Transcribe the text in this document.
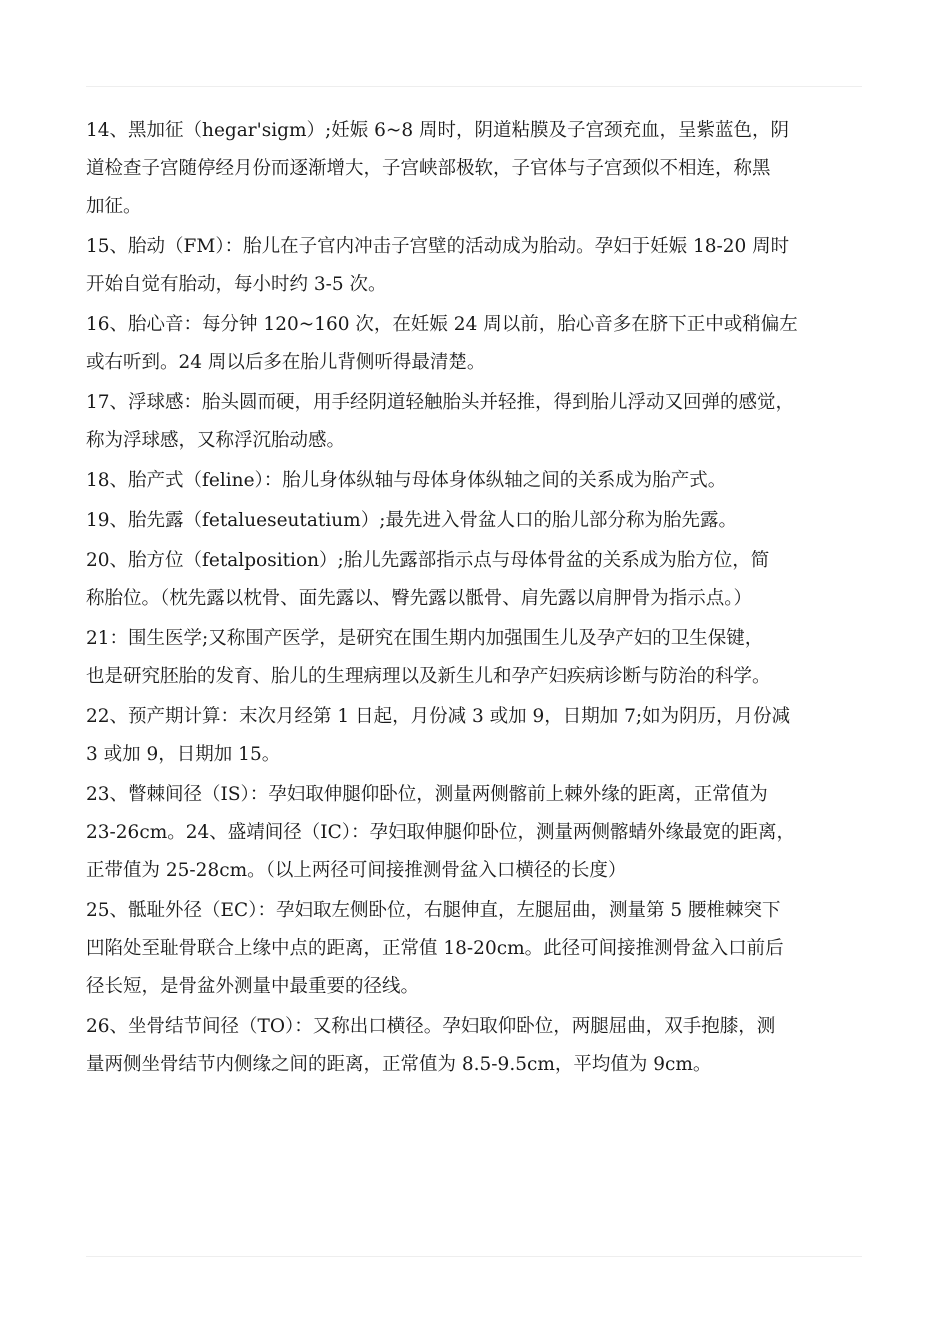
14、黑加征（hegar'sigm）;妊娠 6~8 周时，阴道粘膜及子宫颈充血，呈紫蓝色，阴
道检查子宫随停经月份而逐渐增大，子宫峡部极软，子官体与子宫颈似不相连，称黑
加征。
15、胎动（FM）：胎儿在子官内冲击子宫壁的活动成为胎动。孕妇于妊娠 18-20 周时
开始自觉有胎动，每小时约 3-5 次。
16、胎心音：每分钟 120~160 次，在妊娠 24 周以前，胎心音多在脐下正中或稍偏左
或右听到。24 周以后多在胎儿背侧听得最清楚。
17、浮球感：胎头圆而硬，用手经阴道轻触胎头并轻推，得到胎儿浮动又回弹的感觉，
称为浮球感，又称浮沉胎动感。
18、胎产式（feline）：胎儿身体纵轴与母体身体纵轴之间的关系成为胎产式。
19、胎先露（fetalueseutatium）;最先进入骨盆人口的胎儿部分称为胎先露。
20、胎方位（fetalposition）;胎儿先露部指示点与母体骨盆的关系成为胎方位，简
称胎位。（枕先露以枕骨、面先露以、臀先露以骶骨、肩先露以肩胛骨为指示点。）
21：围生医学;又称围产医学，是研究在围生期内加强围生儿及孕产妇的卫生保键，
也是研究胚胎的发育、胎儿的生理病理以及新生儿和孕产妇疾病诊断与防治的科学。
22、预产期计算：末次月经第 1 日起，月份减 3 或加 9，日期加 7;如为阴历，月份减
3 或加 9，日期加 15。
23、瞥棘间径（IS）：孕妇取伸腿仰卧位，测量两侧髂前上棘外缘的距离，正常值为
23-26cm。24、盛靖间径（IC）：孕妇取伸腿仰卧位，测量两侧髂蜻外缘最宽的距离，
正带值为 25-28cm。（以上两径可间接推测骨盆入口横径的长度）
25、骶耻外径（EC）：孕妇取左侧卧位，右腿伸直，左腿屈曲，测量第 5 腰椎棘突下
凹陷处至耻骨联合上缘中点的距离，正常值 18-20cm。此径可间接推测骨盆入口前后
径长短，是骨盆外测量中最重要的径线。
26、坐骨结节间径（TO）：又称出口横径。孕妇取仰卧位，两腿屈曲，双手抱膝，测
量两侧坐骨结节内侧缘之间的距离，正常值为 8.5-9.5cm，平均值为 9cm。
